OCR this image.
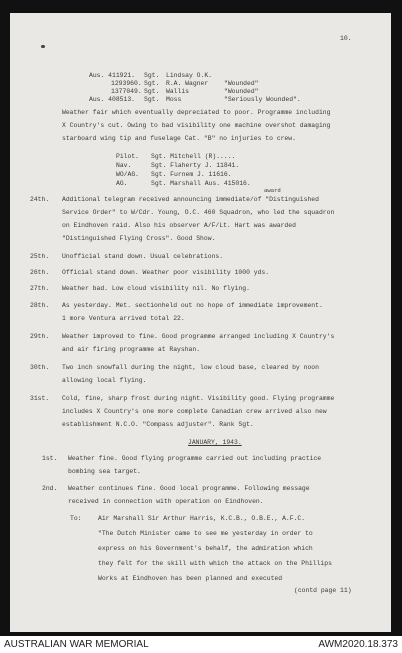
10.
Aus. 411921. Sgt. Lindsay O.K.
1293960. Sgt. R.A. Wagner "Wounded"
1377049. Sgt. Wallis	"Wounded"
Aus. 408513. Sgt. Moss	"Seriously Wounded".
Weather fair which eventually depreciated to poor. Programme including
X Country's cut. Owing to bad visibility one machine overshot damaging
starboard wing tip and fuselage Cat. "B" no injuries to crew.
Pilot. Sgt. Mitchell (R).....
Nav.	Sgt. Flaherty J. 11841.
WO/AG. Sgt. Furnem J. 11616.
AG.	Sgt. Marshall Aus. 415016.
award
24th. Additional telegram received announcing immediate/of "Distinguished
Service Order" to W/Cdr. Young, O.C. 460 Squadron, who led the squadron
on Eindhoven raid. Also his observer A/F/Lt. Hart was awarded
"Distinguished Flying Cross". Good Show.
25th. Unofficial stand down. Usual celebrations.
26th. Official stand down. Weather poor visibility 1000 yds.
27th. Weather bad. Low cloud visibility nil. No flying.
28th. As yesterday. Met. sectionheld out no hope of immediate improvement.
1 more Ventura arrived total 22.
29th. Weather improved to fine. Good programme arranged including X Country's
and air firing programme at Rayshan.
30th. Two inch snowfall during the night, low cloud base, cleared by noon
allowing local flying.
31st. Cold, fine, sharp frost during night. Visibility good. Flying programme
includes X Country's one more complete Canadian crew arrived also new
establishment N.C.O. "Compass adjuster". Rank Sgt.
JANUARY, 1943.
1st. Weather fine. Good flying programme carried out including practice
bombing sea target.
2nd. Weather continues fine. Good local programme. Following message
received in connection with operation on Eindhoven.
To:	Air Marshall Sir Arthur Harris, K.C.B., O.B.E., A.F.C.
"The Dutch Minister came to see me yesterday in order to
express on his Government's behalf, the admiration which
they felt for the skill with which the attack on the Phillips
Works at Eindhoven has been planned and executed
(contd page 11)
AUSTRALIAN WAR MEMORIAL	AWM2020.18.373
